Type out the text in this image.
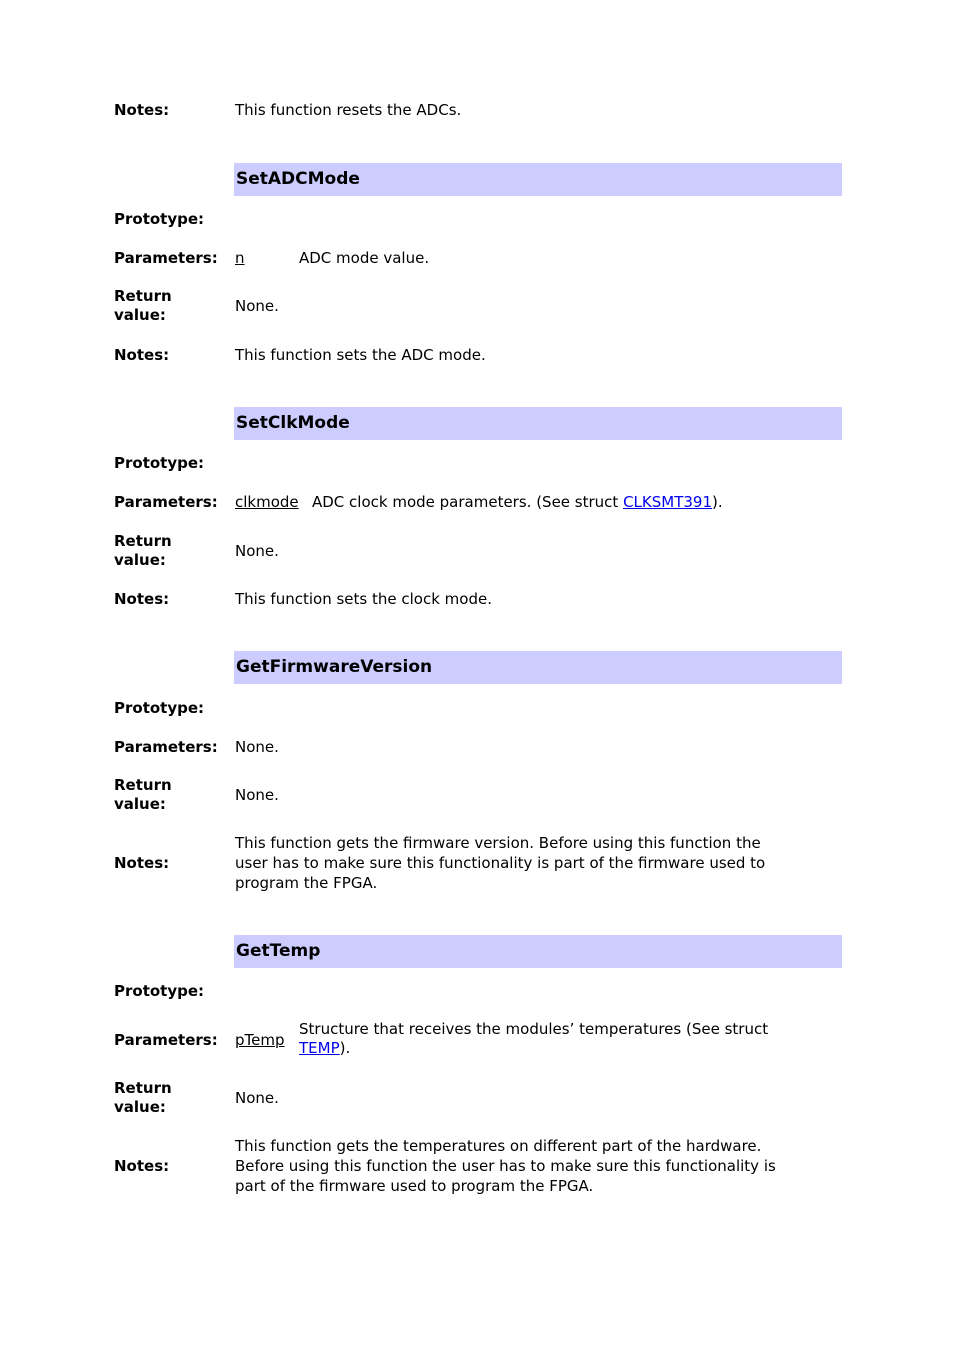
Notes:	This function resets the ADCs.
SetADCMode
Prototype:
Parameters: n	ADC mode value.
Return
value:	None.
Notes:	This function sets the ADC mode.
SetClkMode
Prototype:
Parameters: clkmode ADC clock mode parameters. (See struct CLKSMT391).
Return
value:	None.
Notes:	This function sets the clock mode.
GetFirmwareVersion
Prototype:
Parameters: None.
Return
value:	None.
Notes:
This function gets the firmware version. Before using this function the
user has to make sure this functionality is part of the firmware used to
program the FPGA.
GetTemp
Prototype:
Parameters: pTemp
Structure that receives the modules’ temperatures (See struct
TEMP).
Return
value:	None.
Notes:
This function gets the temperatures on different part of the hardware.
Before using this function the user has to make sure this functionality is
part of the firmware used to program the FPGA.
